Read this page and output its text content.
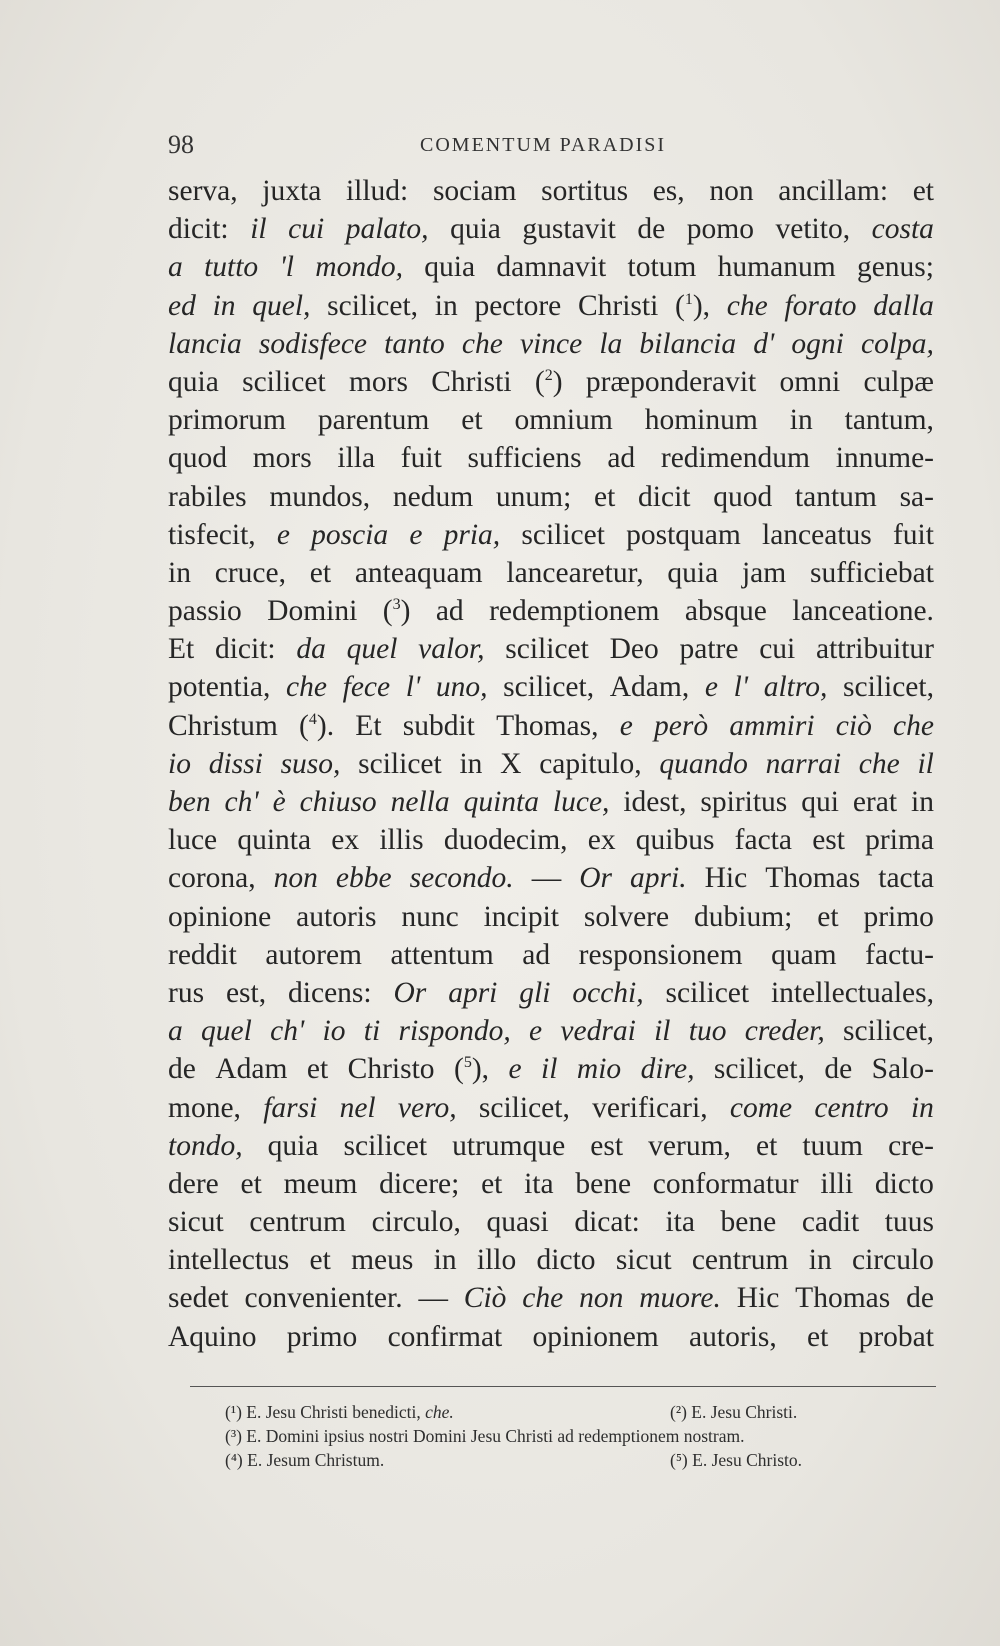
98	COMENTUM PARADISI
serva, juxta illud: sociam sortitus es, non ancillam: et
dicit: il cui palato, quia gustavit de pomo vetito, costa
a tutto 'l mondo, quia damnavit totum humanum genus;
ed in quel, scilicet, in pectore Christi ($^1$), che forato dalla
lancia sodisfece tanto che vince la bilancia d' ogni colpa,
quia scilicet mors Christi ($^2$) præponderavit omni culpæ
primorum parentum et omnium hominum in tantum,
quod mors illa fuit sufficiens ad redimendum innume-
rabiles mundos, nedum unum; et dicit quod tantum sa-
tisfecit, e poscia e pria, scilicet postquam lanceatus fuit
in cruce, et anteaquam lancearetur, quia jam sufficiebat
passio Domini ($^3$) ad redemptionem absque lanceatione.
Et dicit: da quel valor, scilicet Deo patre cui attribuitur
potentia, che fece l' uno, scilicet, Adam, e l' altro, scilicet,
Christum ($^4$). Et subdit Thomas, e però ammiri ciò che
io dissi suso, scilicet in X capitulo, quando narrai che il
ben ch' è chiuso nella quinta luce, idest, spiritus qui erat in
luce quinta ex illis duodecim, ex quibus facta est prima
corona, non ebbe secondo. — Or apri. Hic Thomas tacta
opinione autoris nunc incipit solvere dubium; et primo
reddit autorem attentum ad responsionem quam factu-
rus est, dicens: Or apri gli occhi, scilicet intellectuales,
a quel ch' io ti rispondo, e vedrai il tuo creder, scilicet,
de Adam et Christo ($^5$), e il mio dire, scilicet, de Salo-
mone, farsi nel vero, scilicet, verificari, come centro in
tondo, quia scilicet utrumque est verum, et tuum cre-
dere et meum dicere; et ita bene conformatur illi dicto
sicut centrum circulo, quasi dicat: ita bene cadit tuus
intellectus et meus in illo dicto sicut centrum in circulo
sedet convenienter. — Ciò che non muore. Hic Thomas de
Aquino primo confirmat opinionem autoris, et probat
(¹) E. Jesu Christi benedicti, che.	(²) E. Jesu Christi.
(³) E. Domini ipsius nostri Domini Jesu Christi ad redemptionem nostram.
(⁴) E. Jesum Christum.	(⁵) E. Jesu Christo.
